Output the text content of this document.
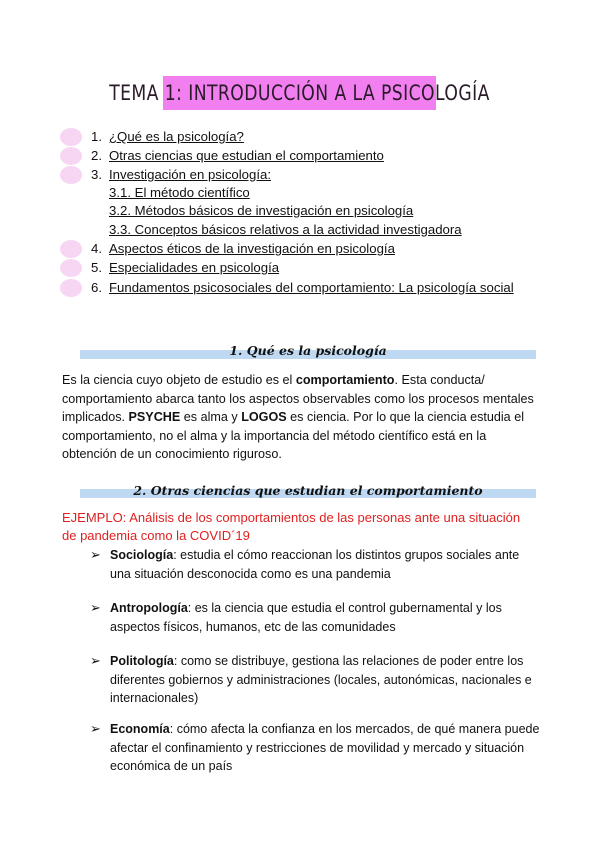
TEMA 1: INTRODUCCIÓN A LA PSICOLOGÍA
1. ¿Qué es la psicología?
2. Otras ciencias que estudian el comportamiento
3. Investigación en psicología:
3.1. El método científico
3.2. Métodos básicos de investigación en psicología
3.3. Conceptos básicos relativos a la actividad investigadora
4. Aspectos éticos de la investigación en psicología
5. Especialidades en psicología
6. Fundamentos psicosociales del comportamiento: La psicología social
1. Qué es la psicología
Es la ciencia cuyo objeto de estudio es el comportamiento. Esta conducta/ comportamiento abarca tanto los aspectos observables como los procesos mentales implicados. PSYCHE es alma y LOGOS es ciencia. Por lo que la ciencia estudia el comportamiento, no el alma y la importancia del método científico está en la obtención de un conocimiento riguroso.
2. Otras ciencias que estudian el comportamiento
EJEMPLO: Análisis de los comportamientos de las personas ante una situación de pandemia como la COVID´19
➢ Sociología: estudia el cómo reaccionan los distintos grupos sociales ante una situación desconocida como es una pandemia
➢ Antropología: es la ciencia que estudia el control gubernamental y los aspectos físicos, humanos, etc de las comunidades
➢ Politología: como se distribuye, gestiona las relaciones de poder entre los diferentes gobiernos y administraciones (locales, autonómicas, nacionales e internacionales)
➢ Economía: cómo afecta la confianza en los mercados, de qué manera puede afectar el confinamiento y restricciones de movilidad y mercado y situación económica de un país
